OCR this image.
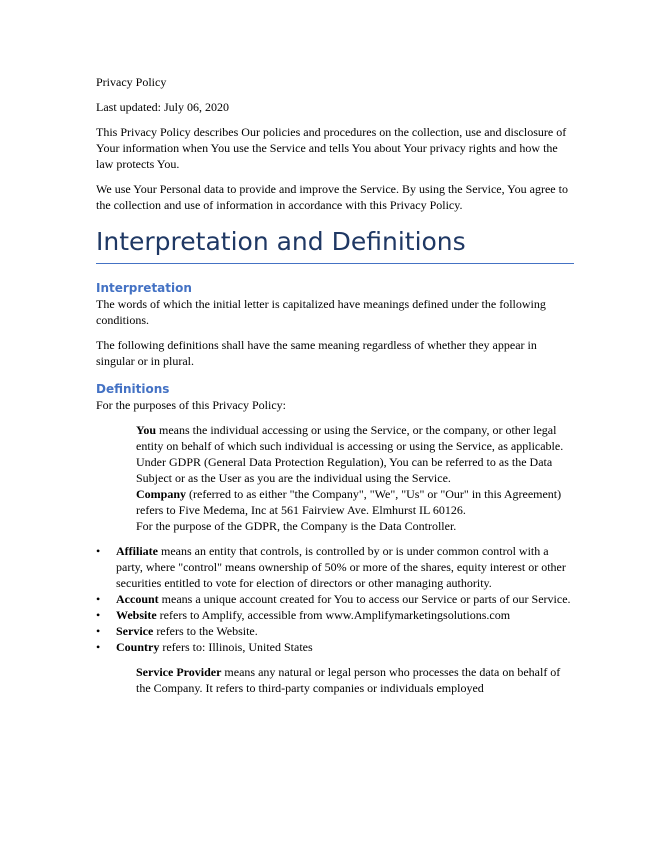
Privacy Policy

Last updated: July 06, 2020

This Privacy Policy describes Our policies and procedures on the collection, use and disclosure of Your information when You use the Service and tells You about Your privacy rights and how the law protects You.

We use Your Personal data to provide and improve the Service. By using the Service, You agree to the collection and use of information in accordance with this Privacy Policy.

Interpretation and Definitions
Interpretation

The words of which the initial letter is capitalized have meanings defined under the following conditions.

The following definitions shall have the same meaning regardless of whether they appear in singular or in plural.

Definitions

For the purposes of this Privacy Policy:

You means the individual accessing or using the Service, or the company, or other legal entity on behalf of which such individual is accessing or using the Service, as applicable.

Under GDPR (General Data Protection Regulation), You can be referred to as the Data Subject or as the User as you are the individual using the Service.

Company (referred to as either "the Company", "We", "Us" or "Our" in this Agreement) refers to Five Medema, Inc at 561 Fairview Ave. Elmhurst IL 60126.

For the purpose of the GDPR, the Company is the Data Controller.

•	Affiliate means an entity that controls, is controlled by or is under common control with a party, where "control" means ownership of 50% or more of the shares, equity interest or other securities entitled to vote for election of directors or other managing authority.
•	Account means a unique account created for You to access our Service or parts of our Service.
•	Website refers to Amplify, accessible from www.Amplifymarketingsolutions.com
•	Service refers to the Website.
•	Country refers to: Illinois, United States

Service Provider means any natural or legal person who processes the data on behalf of the Company. It refers to third-party companies or individuals employed
